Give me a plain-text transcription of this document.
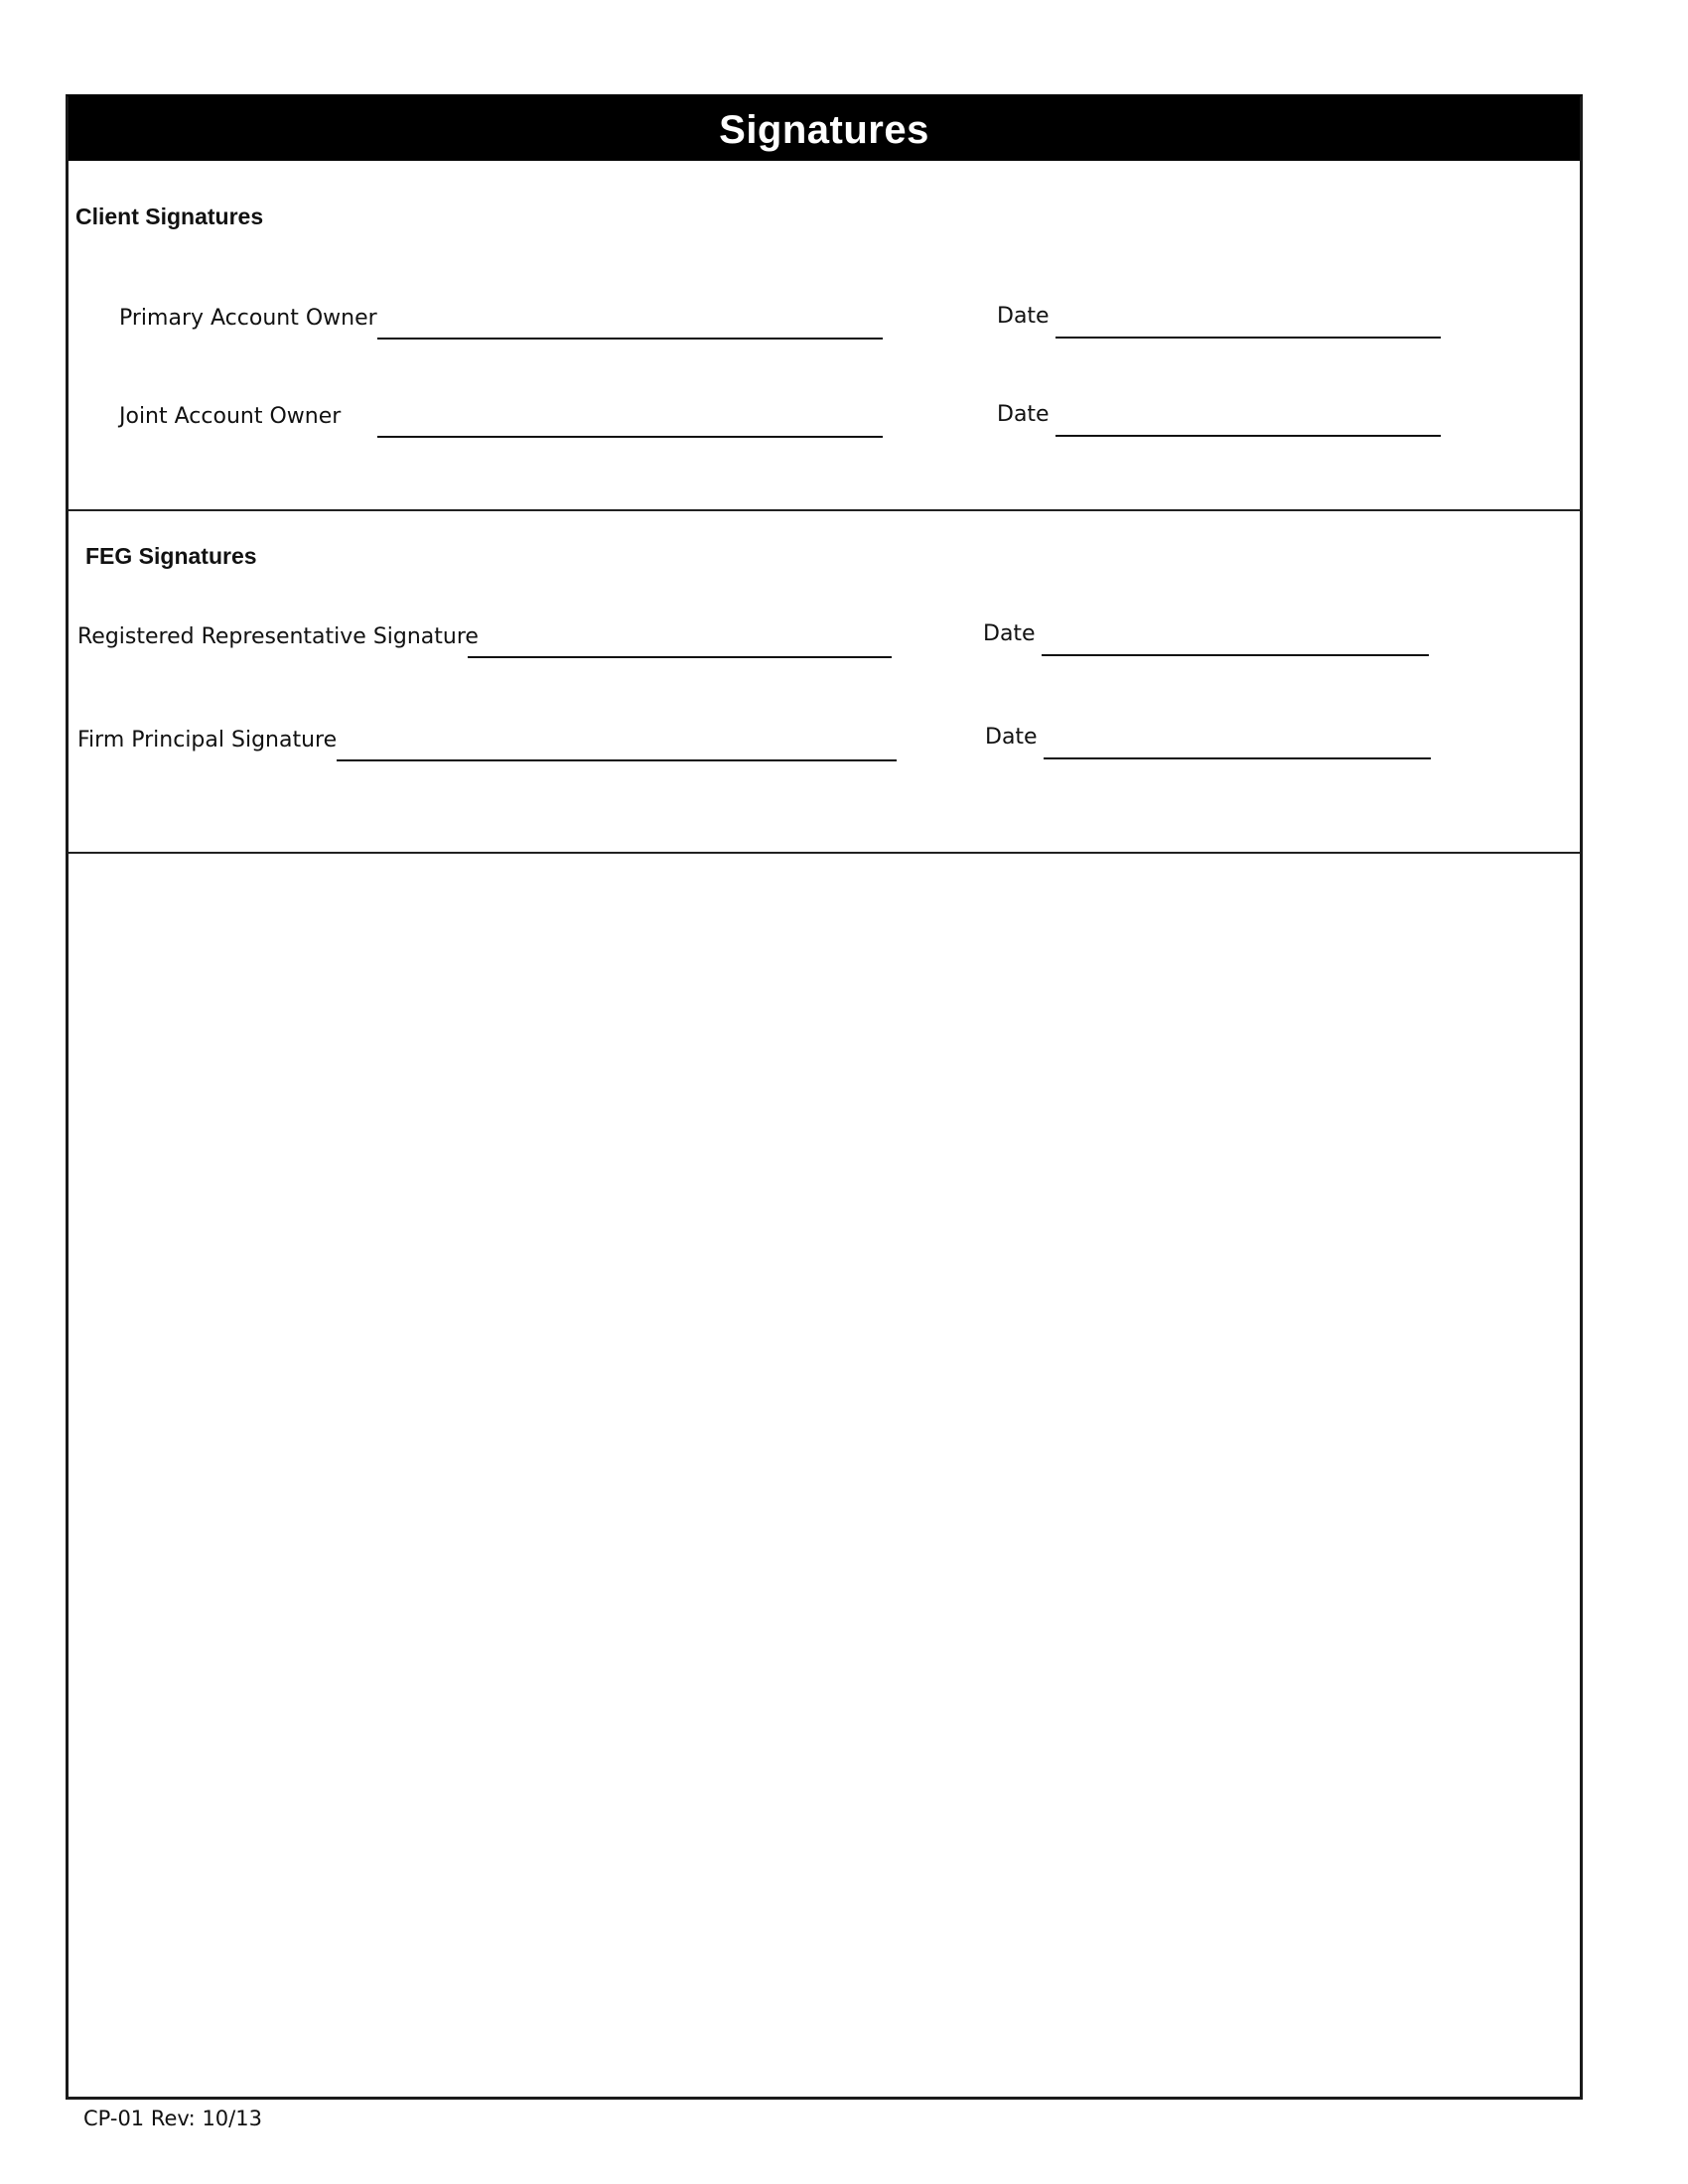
Signatures
Client Signatures
Primary Account Owner	Date
Joint Account Owner	Date
FEG Signatures
Registered Representative Signature	Date
Firm Principal Signature	Date
CP-01 Rev: 10/13
